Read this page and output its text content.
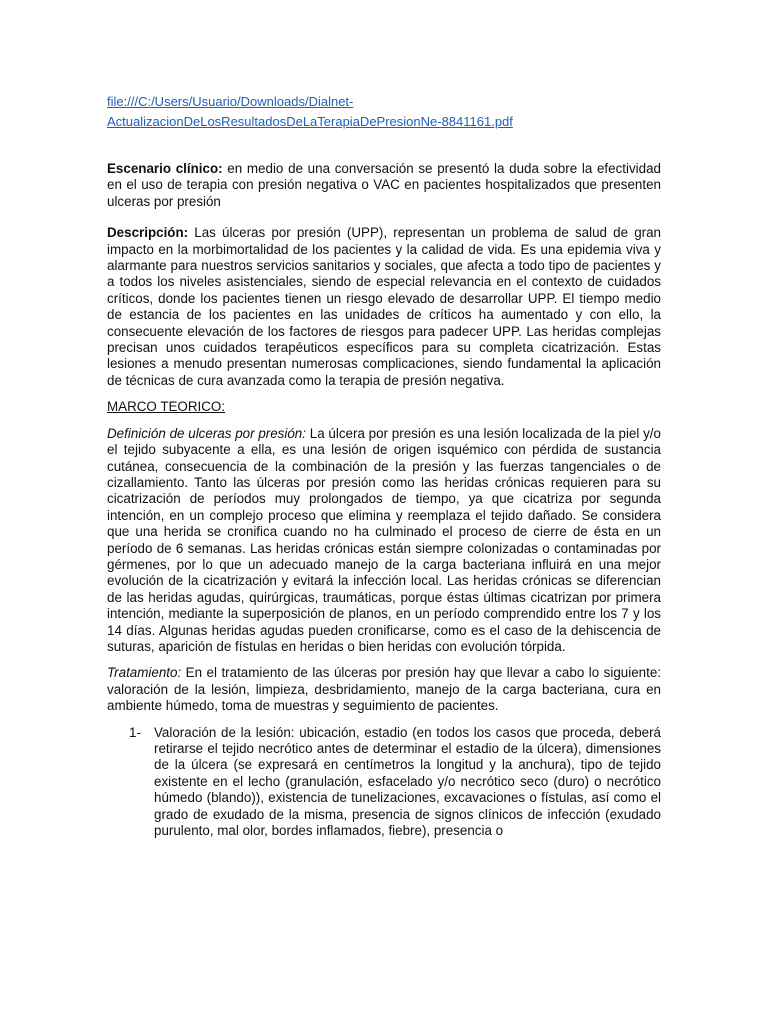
file:///C:/Users/Usuario/Downloads/Dialnet-
ActualizacionDeLosResultadosDeLaTerapiaDePresionNe-8841161.pdf

Escenario clínico: en medio de una conversación se presentó la duda sobre la efectividad en el uso de terapia con presión negativa o VAC en pacientes hospitalizados que presenten ulceras por presión

Descripción: Las úlceras por presión (UPP), representan un problema de salud de gran impacto en la morbimortalidad de los pacientes y la calidad de vida. Es una epidemia viva y alarmante para nuestros servicios sanitarios y sociales, que afecta a todo tipo de pacientes y a todos los niveles asistenciales, siendo de especial relevancia en el contexto de cuidados críticos, donde los pacientes tienen un riesgo elevado de desarrollar UPP. El tiempo medio de estancia de los pacientes en las unidades de críticos ha aumentado y con ello, la consecuente elevación de los factores de riesgos para padecer UPP. Las heridas complejas precisan unos cuidados terapéuticos específicos para su completa cicatrización. Estas lesiones a menudo presentan numerosas complicaciones, siendo fundamental la aplicación de técnicas de cura avanzada como la terapia de presión negativa.

MARCO TEORICO:

Definición de ulceras por presión: La úlcera por presión es una lesión localizada de la piel y/o el tejido subyacente a ella, es una lesión de origen isquémico con pérdida de sustancia cutánea, consecuencia de la combinación de la presión y las fuerzas tangenciales o de cizallamiento. Tanto las úlceras por presión como las heridas crónicas requieren para su cicatrización de períodos muy prolongados de tiempo, ya que cicatriza por segunda intención, en un complejo proceso que elimina y reemplaza el tejido dañado. Se considera que una herida se cronifica cuando no ha culminado el proceso de cierre de ésta en un período de 6 semanas. Las heridas crónicas están siempre colonizadas o contaminadas por gérmenes, por lo que un adecuado manejo de la carga bacteriana influirá en una mejor evolución de la cicatrización y evitará la infección local. Las heridas crónicas se diferencian de las heridas agudas, quirúrgicas, traumáticas, porque éstas últimas cicatrizan por primera intención, mediante la superposición de planos, en un período comprendido entre los 7 y los 14 días. Algunas heridas agudas pueden cronificarse, como es el caso de la dehiscencia de suturas, aparición de fístulas en heridas o bien heridas con evolución tórpida.

Tratamiento: En el tratamiento de las úlceras por presión hay que llevar a cabo lo siguiente: valoración de la lesión, limpieza, desbridamiento, manejo de la carga bacteriana, cura en ambiente húmedo, toma de muestras y seguimiento de pacientes.

1- Valoración de la lesión: ubicación, estadio (en todos los casos que proceda, deberá retirarse el tejido necrótico antes de determinar el estadio de la úlcera), dimensiones de la úlcera (se expresará en centímetros la longitud y la anchura), tipo de tejido existente en el lecho (granulación, esfacelado y/o necrótico seco (duro) o necrótico húmedo (blando)), existencia de tunelizaciones, excavaciones o fístulas, así como el grado de exudado de la misma, presencia de signos clínicos de infección (exudado purulento, mal olor, bordes inflamados, fiebre), presencia o
